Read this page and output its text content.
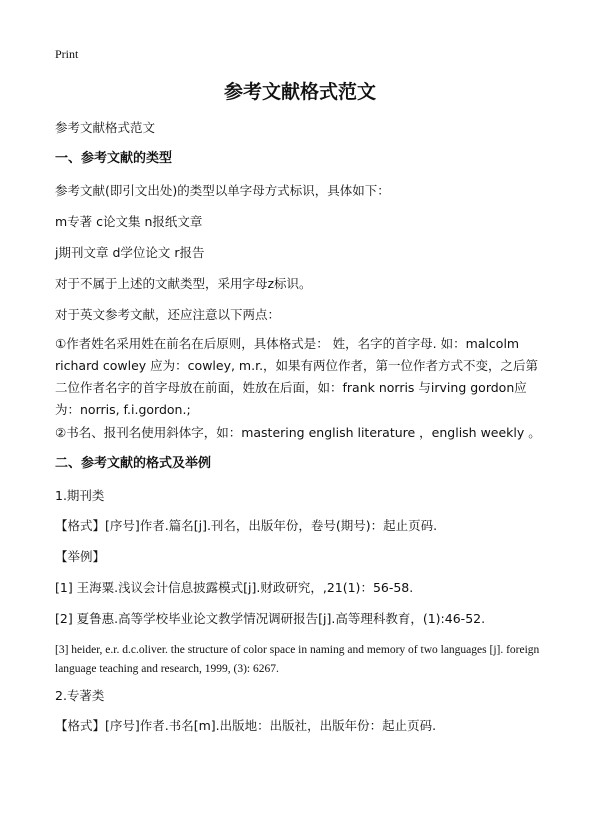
Print
参考文献格式范文
参考文献格式范文
一、参考文献的类型
参考文献(即引文出处)的类型以单字母方式标识，具体如下：
m专著 c论文集 n报纸文章
j期刊文章 d学位论文 r报告
对于不属于上述的文献类型，采用字母z标识。
对于英文参考文献，还应注意以下两点：
①作者姓名采用姓在前名在后原则，具体格式是： 姓，名字的首字母. 如：malcolm richard cowley 应为：cowley, m.r.，如果有两位作者，第一位作者方式不变，之后第二位作者名字的首字母放在前面，姓放在后面，如：frank norris 与irving gordon应为：norris, f.i.gordon.;
②书名、报刊名使用斜体字，如：mastering english literature ，english weekly 。
二、参考文献的格式及举例
1.期刊类
【格式】[序号]作者.篇名[j].刊名，出版年份，卷号(期号)：起止页码.
【举例】
[1] 王海粟.浅议会计信息披露模式[j].财政研究，,21(1)：56-58.
[2] 夏鲁惠.高等学校毕业论文教学情况调研报告[j].高等理科教育，(1):46-52.
[3] heider, e.r. d.c.oliver. the structure of color space in naming and memory of two languages [j]. foreign language teaching and research, 1999, (3): 6267.
2.专著类
【格式】[序号]作者.书名[m].出版地：出版社，出版年份：起止页码.
